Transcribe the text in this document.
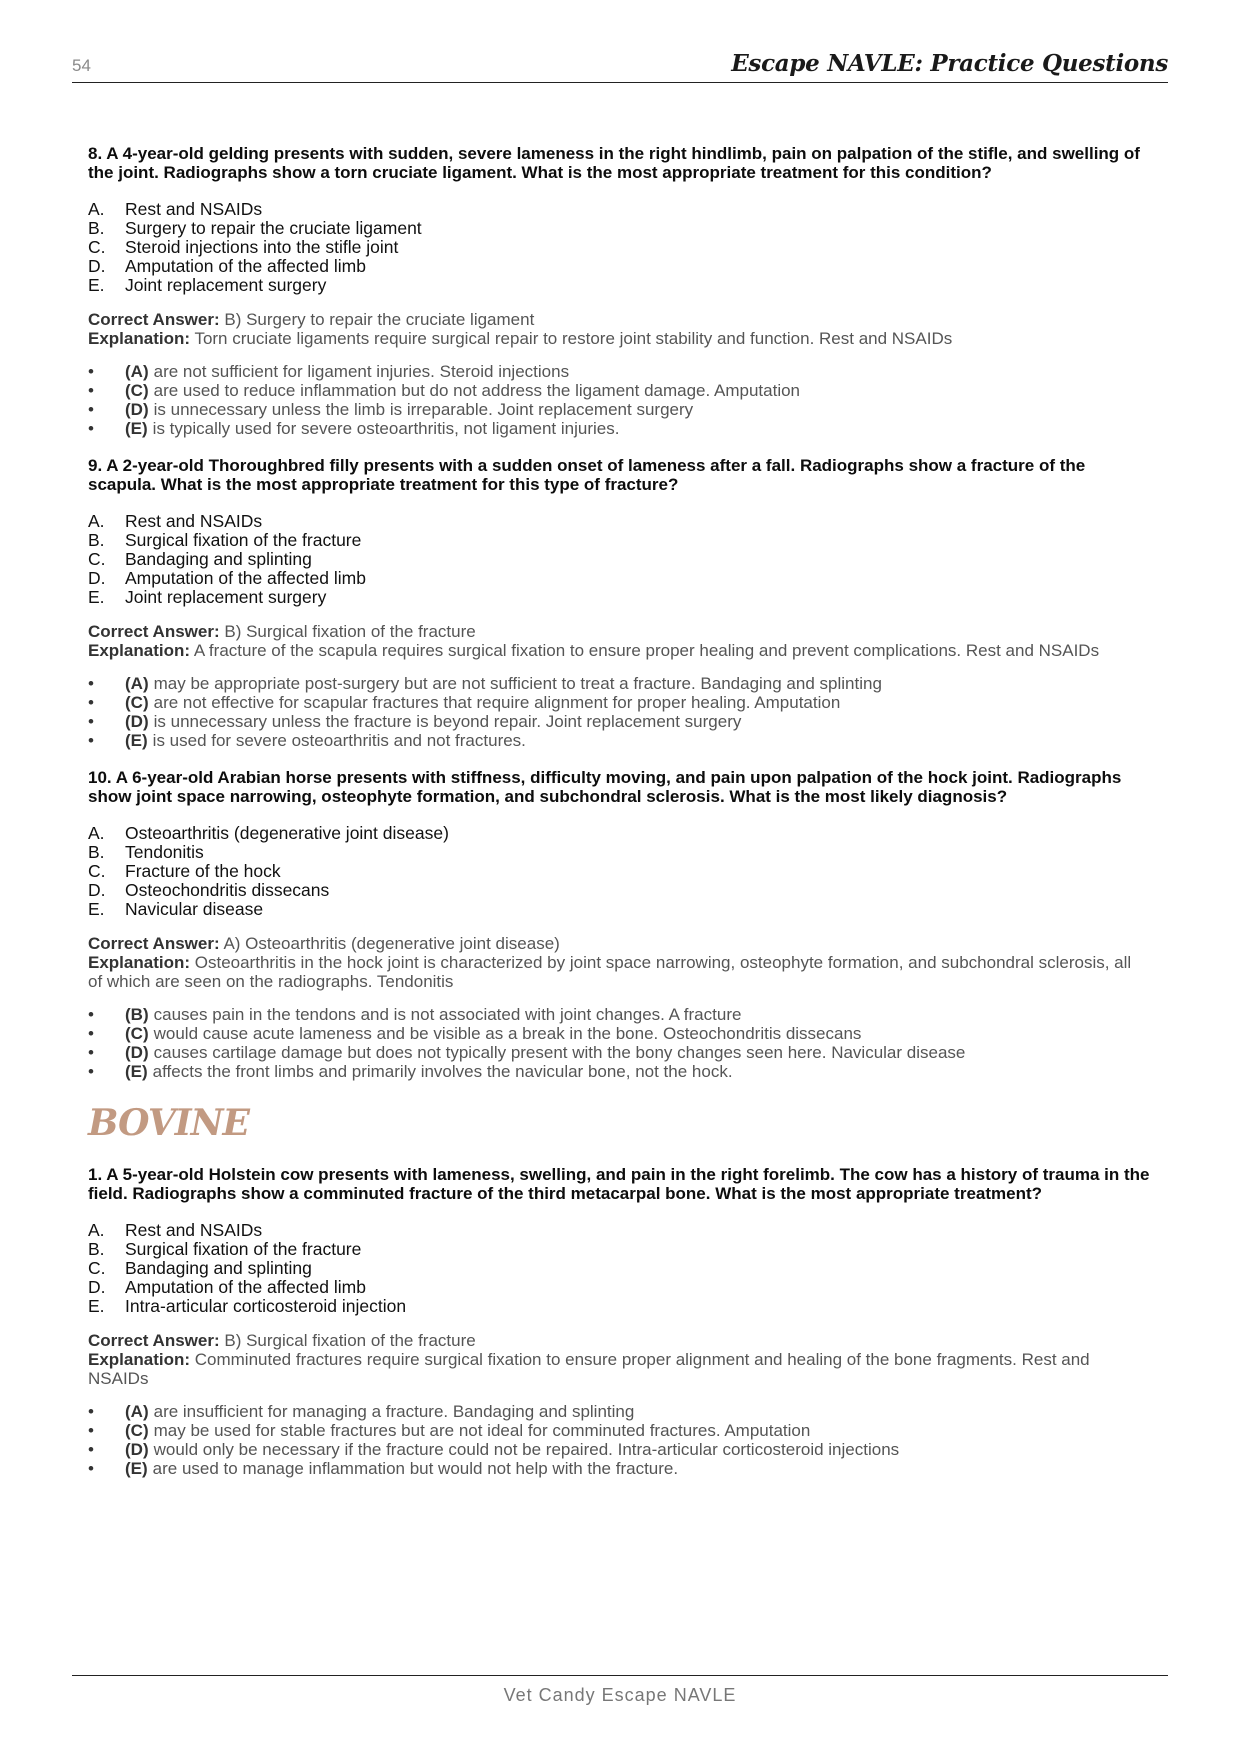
54	Escape NAVLE: Practice Questions

8. A 4-year-old gelding presents with sudden, severe lameness in the right hindlimb, pain on palpation of the stifle, and swelling of the joint. Radiographs show a torn cruciate ligament. What is the most appropriate treatment for this condition?

A.	Rest and NSAIDs
B.	Surgery to repair the cruciate ligament
C.	Steroid injections into the stifle joint
D.	Amputation of the affected limb
E.	Joint replacement surgery
Correct Answer: B) Surgery to repair the cruciate ligament
Explanation: Torn cruciate ligaments require surgical repair to restore joint stability and function. Rest and NSAIDs
•	(A) are not sufficient for ligament injuries. Steroid injections
•	(C) are used to reduce inflammation but do not address the ligament damage. Amputation
•	(D) is unnecessary unless the limb is irreparable. Joint replacement surgery
•	(E) is typically used for severe osteoarthritis, not ligament injuries.

9. A 2-year-old Thoroughbred filly presents with a sudden onset of lameness after a fall. Radiographs show a fracture of the scapula. What is the most appropriate treatment for this type of fracture?

A.	Rest and NSAIDs
B.	Surgical fixation of the fracture
C.	Bandaging and splinting
D.	Amputation of the affected limb
E.	Joint replacement surgery
Correct Answer: B) Surgical fixation of the fracture
Explanation: A fracture of the scapula requires surgical fixation to ensure proper healing and prevent complications. Rest and NSAIDs
•	(A) may be appropriate post-surgery but are not sufficient to treat a fracture. Bandaging and splinting
•	(C) are not effective for scapular fractures that require alignment for proper healing. Amputation
•	(D) is unnecessary unless the fracture is beyond repair. Joint replacement surgery
•	(E) is used for severe osteoarthritis and not fractures.

10. A 6-year-old Arabian horse presents with stiffness, difficulty moving, and pain upon palpation of the hock joint. Radiographs show joint space narrowing, osteophyte formation, and subchondral sclerosis. What is the most likely diagnosis?

A.	Osteoarthritis (degenerative joint disease)
B.	Tendonitis
C.	Fracture of the hock
D.	Osteochondritis dissecans
E.	Navicular disease
Correct Answer: A) Osteoarthritis (degenerative joint disease)
Explanation: Osteoarthritis in the hock joint is characterized by joint space narrowing, osteophyte formation, and subchondral sclerosis, all of which are seen on the radiographs. Tendonitis
•	(B) causes pain in the tendons and is not associated with joint changes. A fracture
•	(C) would cause acute lameness and be visible as a break in the bone. Osteochondritis dissecans
•	(D) causes cartilage damage but does not typically present with the bony changes seen here. Navicular disease
•	(E) affects the front limbs and primarily involves the navicular bone, not the hock.
BOVINE

1. A 5-year-old Holstein cow presents with lameness, swelling, and pain in the right forelimb. The cow has a history of trauma in the field. Radiographs show a comminuted fracture of the third metacarpal bone. What is the most appropriate treatment?

A.	Rest and NSAIDs
B.	Surgical fixation of the fracture
C.	Bandaging and splinting
D.	Amputation of the affected limb
E.	Intra-articular corticosteroid injection
Correct Answer: B) Surgical fixation of the fracture
Explanation: Comminuted fractures require surgical fixation to ensure proper alignment and healing of the bone fragments. Rest and NSAIDs
•	(A) are insufficient for managing a fracture. Bandaging and splinting
•	(C) may be used for stable fractures but are not ideal for comminuted fractures. Amputation
•	(D) would only be necessary if the fracture could not be repaired. Intra-articular corticosteroid injections
•	(E) are used to manage inflammation but would not help with the fracture.
Vet Candy Escape NAVLE
